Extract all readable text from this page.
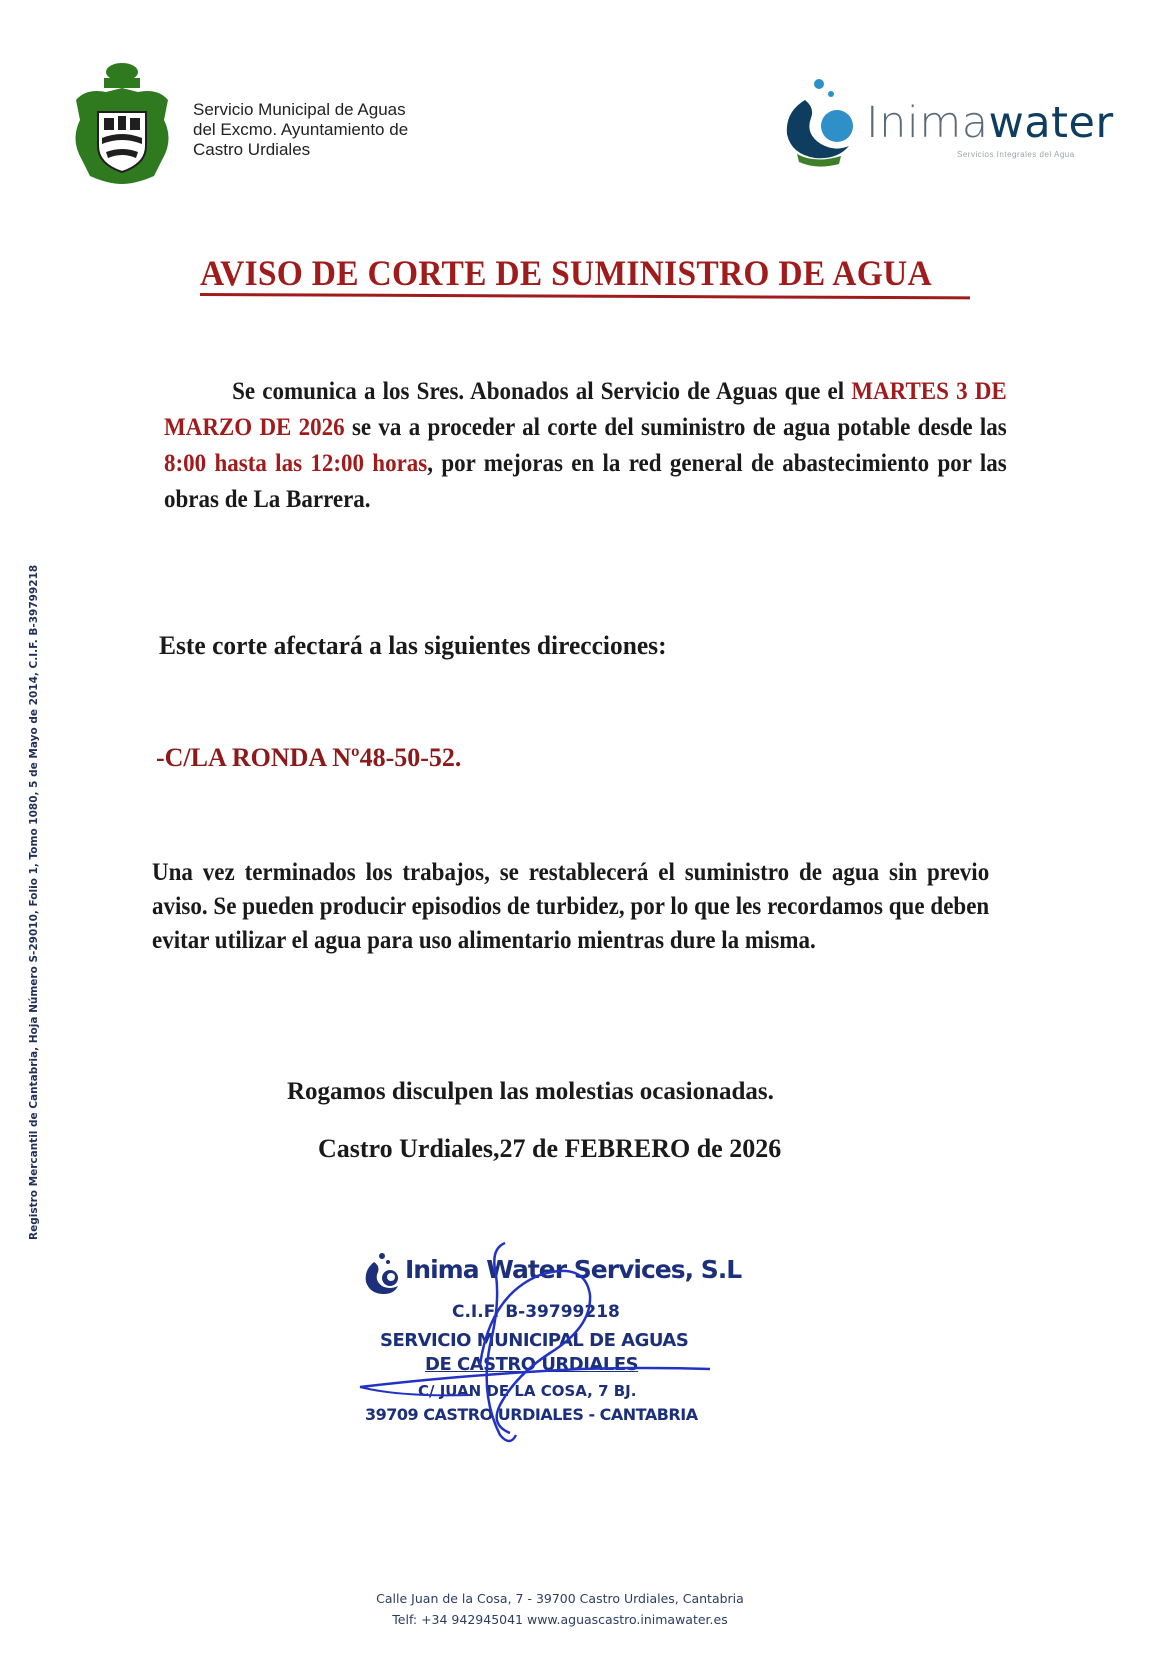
Servicio Municipal de Aguas
del Excmo. Ayuntamiento de
Castro Urdiales
Inimawater
Servicios Integrales del Agua
AVISO DE CORTE DE SUMINISTRO DE AGUA
Se comunica a los Sres. Abonados al Servicio de Aguas que el MARTES 3 DE MARZO DE 2026 se va a proceder al corte del suministro de agua potable desde las 8:00 hasta las 12:00 horas, por mejoras en la red general de abastecimiento por las obras de La Barrera.
Este corte afectará a las siguientes direcciones:
-C/LA RONDA Nº48-50-52.
Una vez terminados los trabajos, se restablecerá el suministro de agua sin previo aviso. Se pueden producir episodios de turbidez, por lo que les recordamos que deben evitar utilizar el agua para uso alimentario mientras dure la misma.
Rogamos disculpen las molestias ocasionadas.
Castro Urdiales,27 de FEBRERO de 2026
Inima Water Services, S.L
C.I.F. B-39799218
SERVICIO MUNICIPAL DE AGUAS
DE CASTRO URDIALES
C/ JUAN DE LA COSA, 7 BJ.
39709 CASTRO URDIALES - CANTABRIA
Calle Juan de la Cosa, 7 - 39700 Castro Urdiales, Cantabria
Telf: +34 942945041 www.aguascastro.inimawater.es
Registro Mercantil de Cantabria, Hoja Número S-29010, Folio 1, Tomo 1080, 5 de Mayo de 2014, C.I.F. B-39799218
